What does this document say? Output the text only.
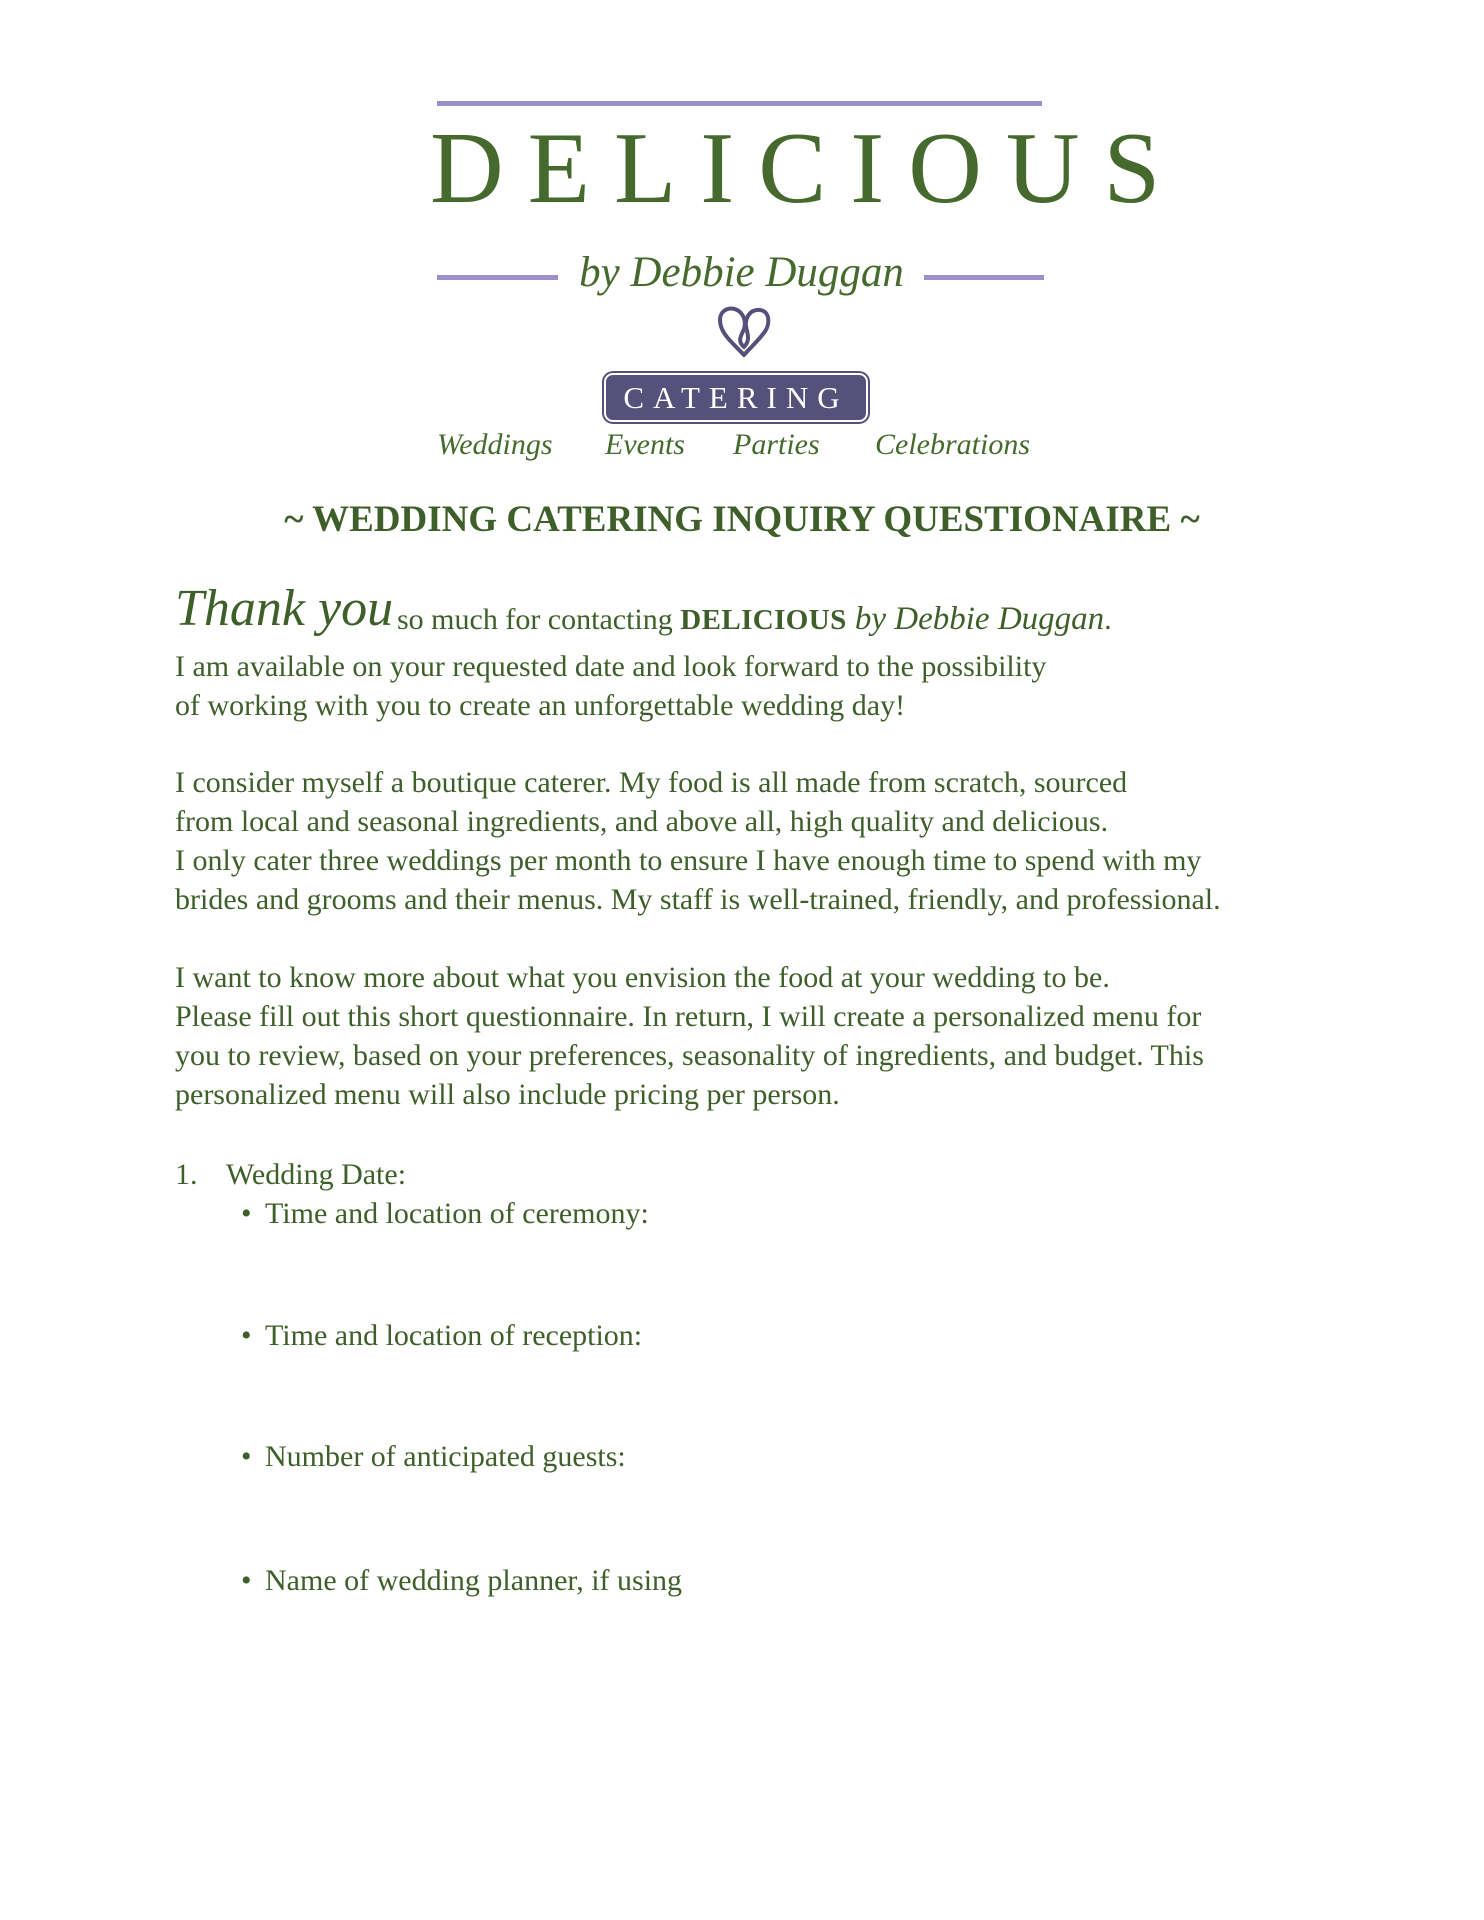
DELICIOUS
by Debbie Duggan
CATERING
Weddings Events Parties Celebrations
~ WEDDING CATERING INQUIRY QUESTIONAIRE ~
Thank you so much for contacting DELICIOUS by Debbie Duggan.

I am available on your requested date and look forward to the possibility
of working with you to create an unforgettable wedding day!

I consider myself a boutique caterer. My food is all made from scratch, sourced
from local and seasonal ingredients, and above all, high quality and delicious.
I only cater three weddings per month to ensure I have enough time to spend with my
brides and grooms and their menus. My staff is well-trained, friendly, and professional.

I want to know more about what you envision the food at your wedding to be.
Please fill out this short questionnaire. In return, I will create a personalized menu for
you to review, based on your preferences, seasonality of ingredients, and budget. This
personalized menu will also include pricing per person.

1. Wedding Date:
• Time and location of ceremony:
• Time and location of reception:
• Number of anticipated guests:
• Name of wedding planner, if using
